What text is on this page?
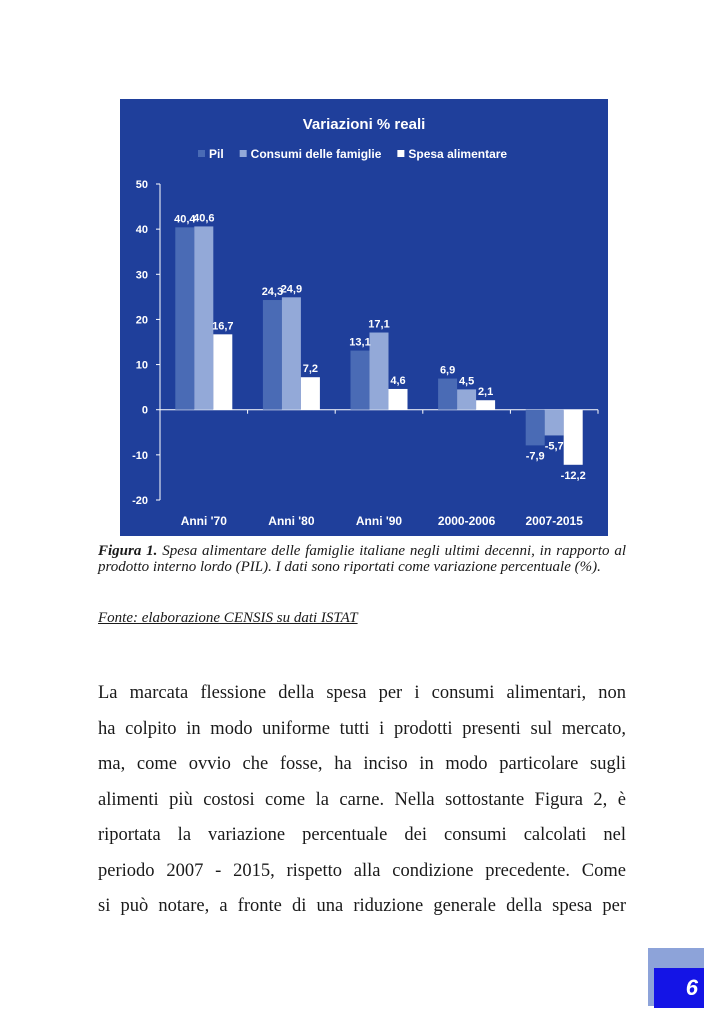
Variazioni % reali
Pil Consumi delle famiglie Spesa alimentare
50
40
30
20
10
0
-10
-20
Anni '70	Anni '80	Anni '90	2000-2006	2007-2015
40,4
24,3
13,1
6,9
-7,9
40,6
24,9
17,1
4,5
-5,7
16,7
7,2
4,6
2,1
-12,2
Figura 1. Spesa alimentare delle famiglie italiane negli ultimi decenni, in rapporto al prodotto interno lordo (PIL). I dati sono riportati come variazione percentuale (%).
Fonte: elaborazione CENSIS su dati ISTAT
La marcata flessione della spesa per i consumi alimentari, non
ha colpito in modo uniforme tutti i prodotti presenti sul mercato,
ma, come ovvio che fosse, ha inciso in modo particolare sugli
alimenti più costosi come la carne. Nella sottostante Figura 2, è
riportata la variazione percentuale dei consumi calcolati nel
periodo 2007 - 2015, rispetto alla condizione precedente. Come
si può notare, a fronte di una riduzione generale della spesa per
6
